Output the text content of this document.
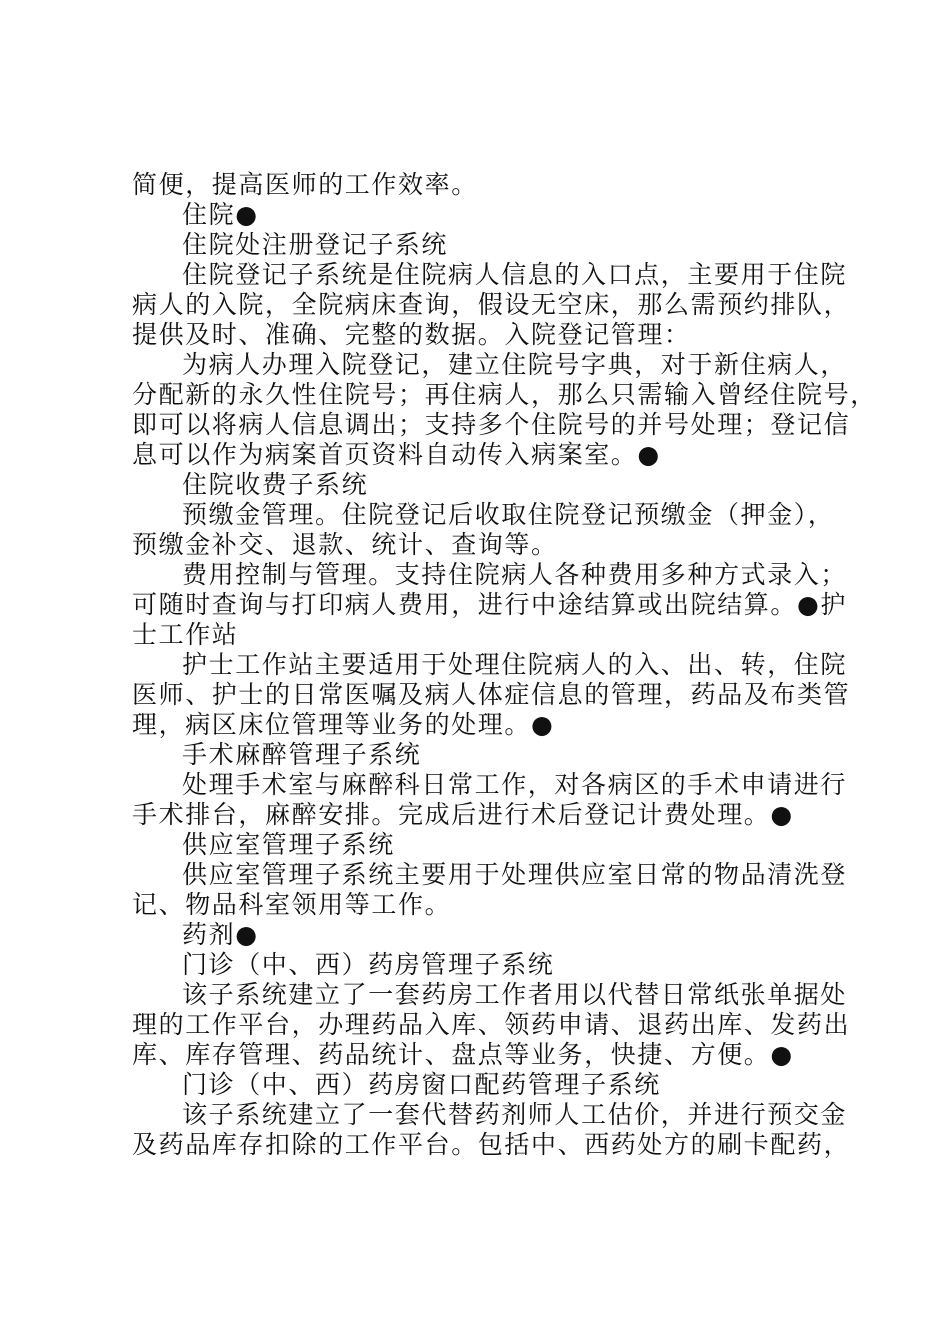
简便，提高医师的工作效率。
住院●
住院处注册登记子系统
住院登记子系统是住院病人信息的入口点，主要用于住院
病人的入院，全院病床查询，假设无空床，那么需预约排队，
提供及时、准确、完整的数据。入院登记管理：
为病人办理入院登记，建立住院号字典，对于新住病人，
分配新的永久性住院号；再住病人，那么只需输入曾经住院号，
即可以将病人信息调出；支持多个住院号的并号处理；登记信
息可以作为病案首页资料自动传入病案室。●
住院收费子系统
预缴金管理。住院登记后收取住院登记预缴金（押金），
预缴金补交、退款、统计、查询等。
费用控制与管理。支持住院病人各种费用多种方式录入；
可随时查询与打印病人费用，进行中途结算或出院结算。●护
士工作站
护士工作站主要适用于处理住院病人的入、出、转，住院
医师、护士的日常医嘱及病人体症信息的管理，药品及布类管
理，病区床位管理等业务的处理。●
手术麻醉管理子系统
处理手术室与麻醉科日常工作，对各病区的手术申请进行
手术排台，麻醉安排。完成后进行术后登记计费处理。●
供应室管理子系统
供应室管理子系统主要用于处理供应室日常的物品清洗登
记、物品科室领用等工作。
药剂●
门诊（中、西）药房管理子系统
该子系统建立了一套药房工作者用以代替日常纸张单据处
理的工作平台，办理药品入库、领药申请、退药出库、发药出
库、库存管理、药品统计、盘点等业务，快捷、方便。●
门诊（中、西）药房窗口配药管理子系统
该子系统建立了一套代替药剂师人工估价，并进行预交金
及药品库存扣除的工作平台。包括中、西药处方的刷卡配药，
